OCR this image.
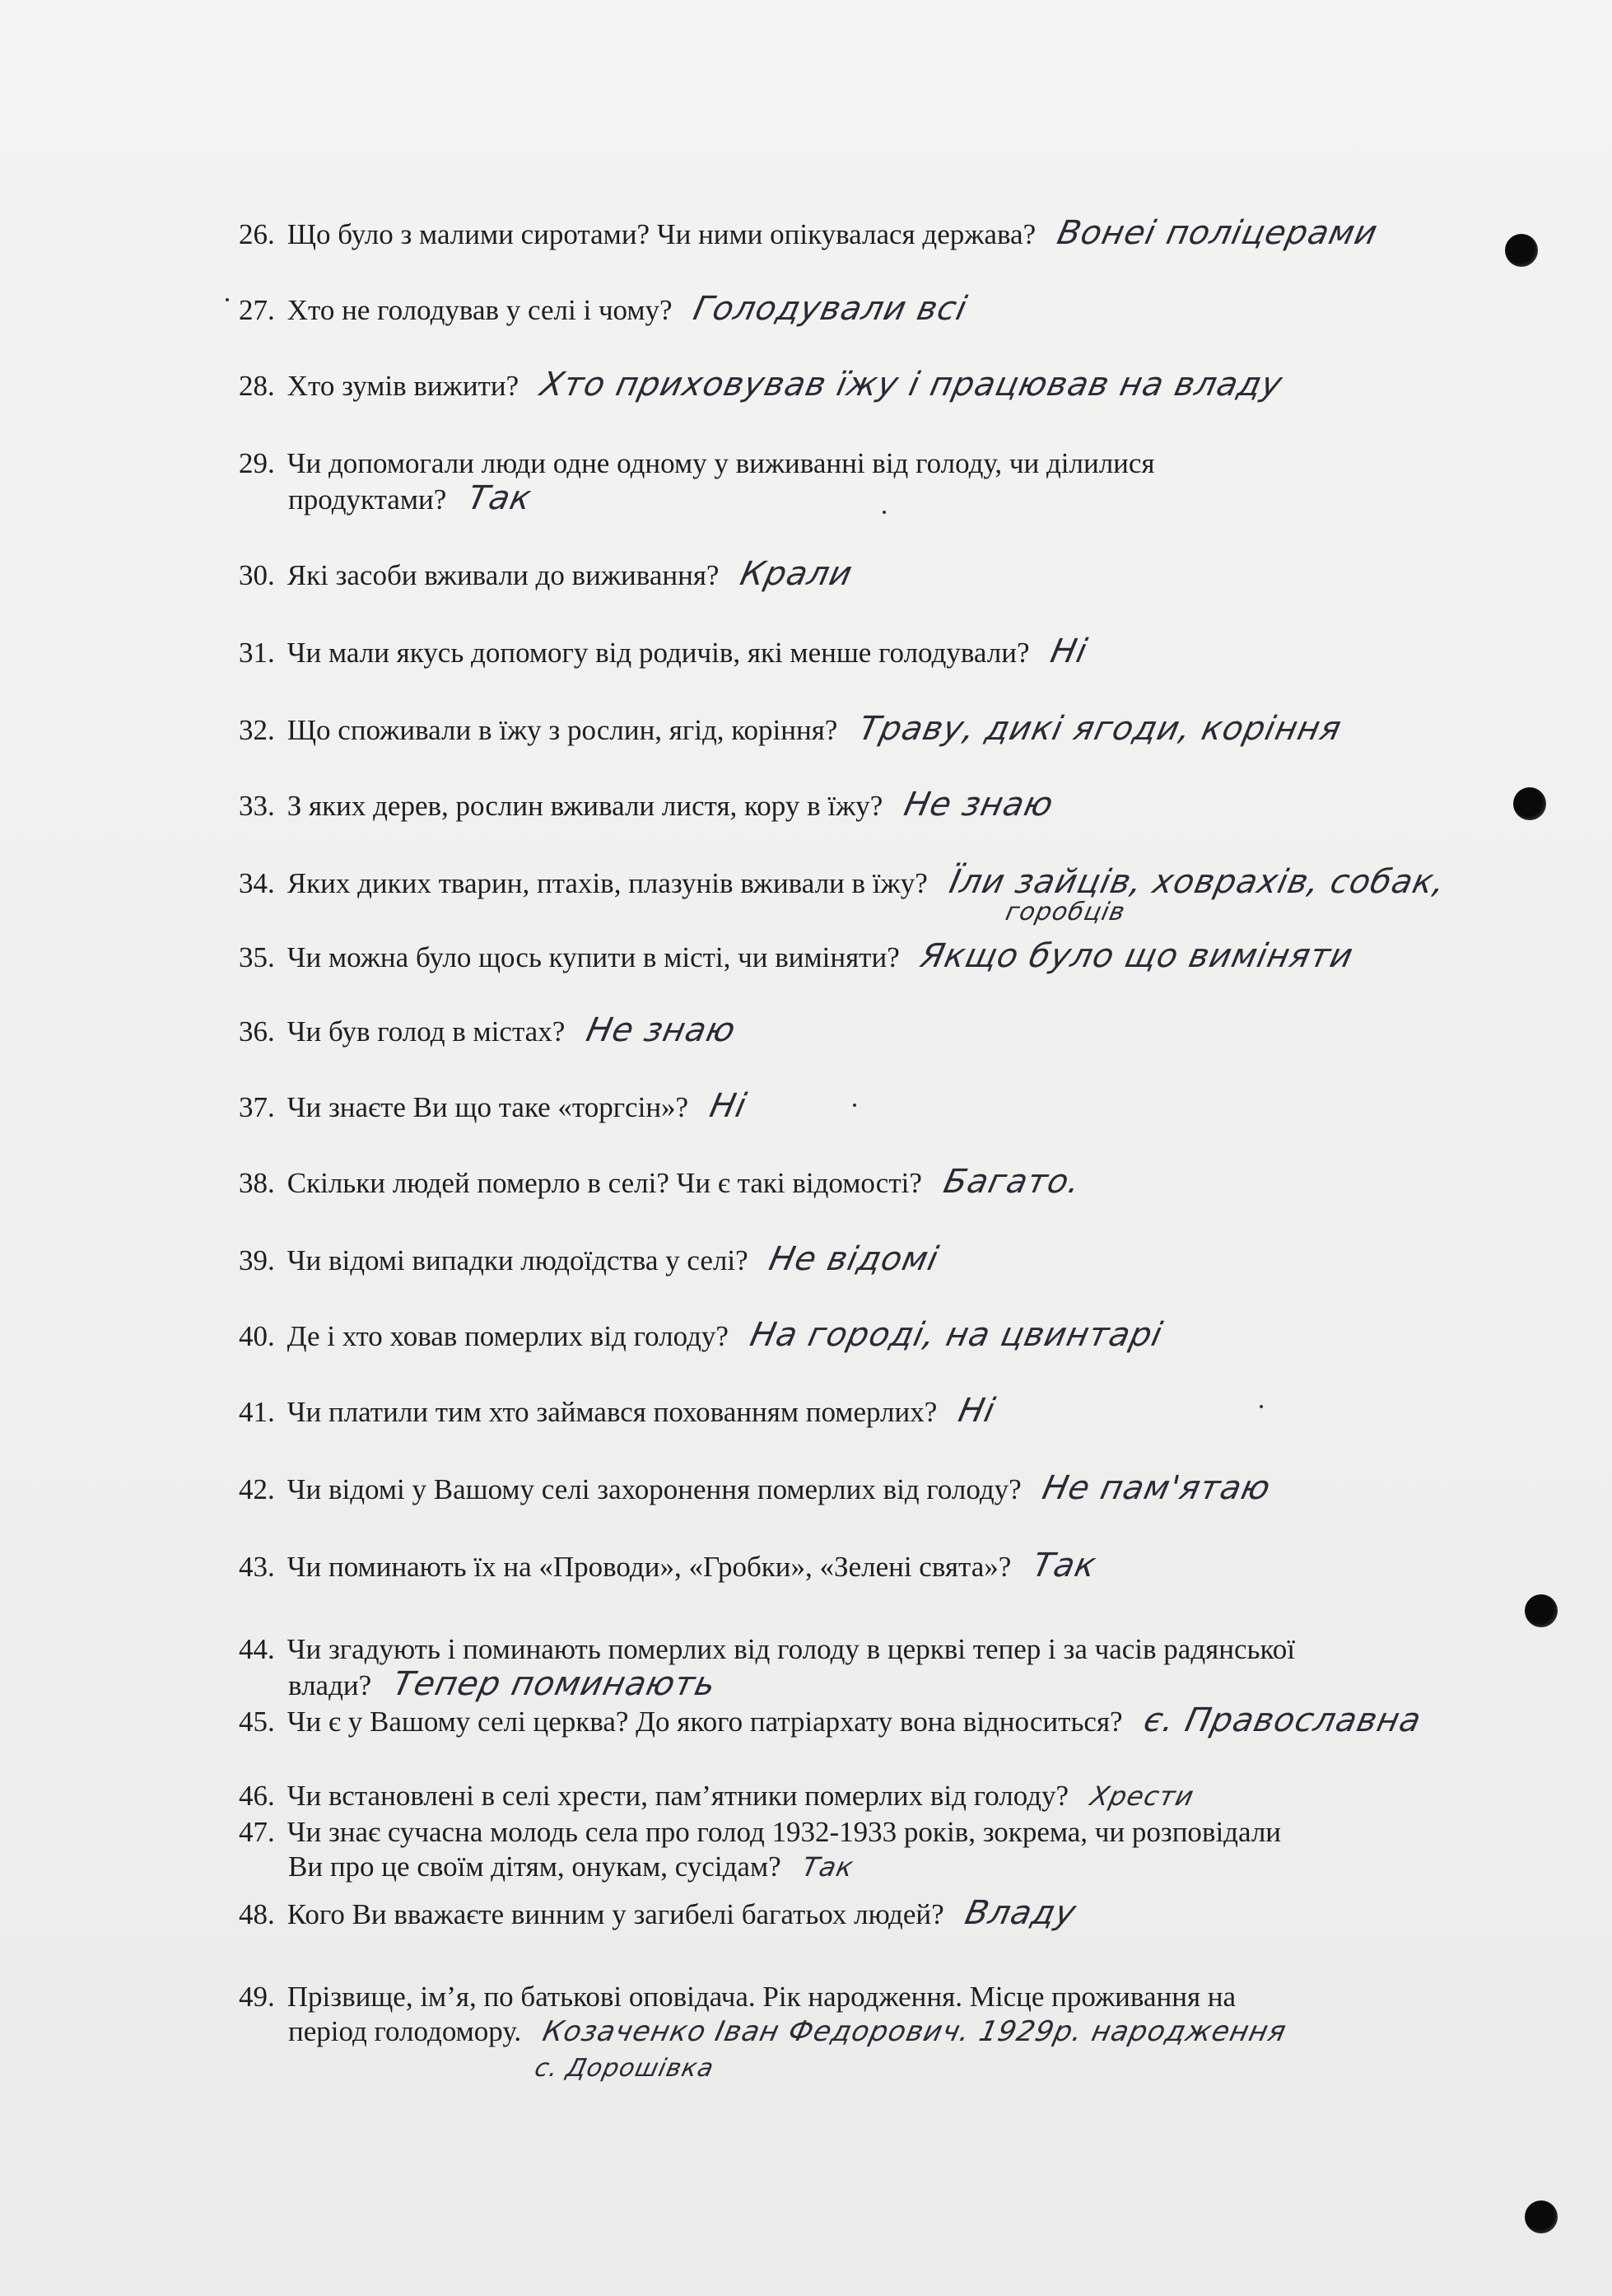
26. Що було з малими сиротами? Чи ними опікувалася держава? Вонеі поліцерами
27. Хто не голодував у селі і чому? Голодували всі
28. Хто зумів вижити? Хто приховував їжу і працював на владу
29. Чи допомогали люди одне одному у виживанні від голоду, чи ділилися
продуктами? Так
30. Які засоби вживали до виживання? Крали
31. Чи мали якусь допомогу від родичів, які менше голодували? Ні
32. Що споживали в їжу з рослин, ягід, коріння? Траву, дикі ягоди, коріння
33. З яких дерев, рослин вживали листя, кору в їжу? Не знаю
34. Яких диких тварин, птахів, плазунів вживали в їжу? Їли зайців, ховрахів, собак,
горобців
35. Чи можна було щось купити в місті, чи виміняти? Якщо було що виміняти
36. Чи був голод в містах? Не знаю
37. Чи знаєте Ви що таке «торгсін»? Ні
38. Скільки людей померло в селі? Чи є такі відомості? Багато.
39. Чи відомі випадки людоїдства у селі? Не відомі
40. Де і хто ховав померлих від голоду? На городі, на цвинтарі
41. Чи платили тим хто займався похованням померлих? Ні
42. Чи відомі у Вашому селі захоронення померлих від голоду? Не пам'ятаю
43. Чи поминають їх на «Проводи», «Гробки», «Зелені свята»? Так
44. Чи згадують і поминають померлих від голоду в церкві тепер і за часів радянської
влади? Тепер поминають
45. Чи є у Вашому селі церква? До якого патріархату вона відноситься? є. Православна
46. Чи встановлені в селі хрести, пам’ятники померлих від голоду? Хрести
47. Чи знає сучасна молодь села про голод 1932-1933 років, зокрема, чи розповідали
Ви про це своїм дітям, онукам, сусідам? Так
48. Кого Ви вважаєте винним у загибелі багатьох людей? Владу
49. Прізвище, ім’я, по батькові оповідача. Рік народження. Місце проживання на
період голодомору. Козаченко Іван Федорович. 1929р. народження
с. Дорошівка
